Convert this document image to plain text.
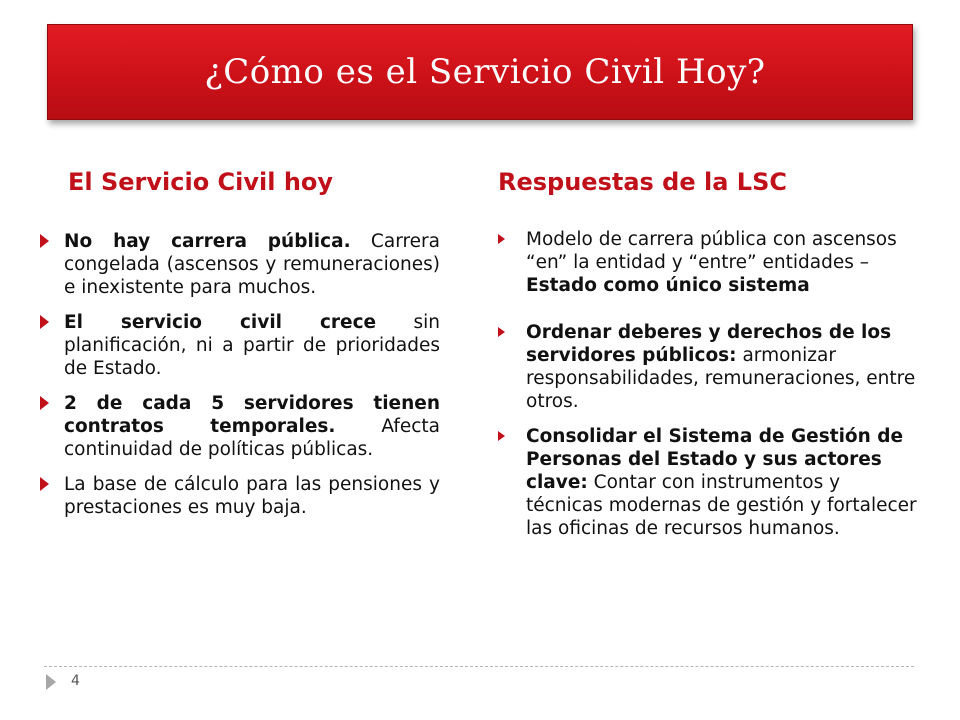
¿Cómo es el Servicio Civil Hoy?
El Servicio Civil hoy	Respuestas de la LSC
No hay carrera pública. Carrera congelada (ascensos y remuneraciones) e inexistente para muchos.
El servicio civil crece sin planificación, ni a partir de prioridades de Estado.
2 de cada 5 servidores tienen contratos temporales. Afecta continuidad de políticas públicas.
La base de cálculo para las pensiones y prestaciones es muy baja.
Modelo de carrera pública con ascensos “en” la entidad y “entre” entidades – Estado como único sistema
Ordenar deberes y derechos de los servidores públicos: armonizar responsabilidades, remuneraciones, entre otros.
Consolidar el Sistema de Gestión de Personas del Estado y sus actores clave: Contar con instrumentos y técnicas modernas de gestión y fortalecer las oficinas de recursos humanos.
4
